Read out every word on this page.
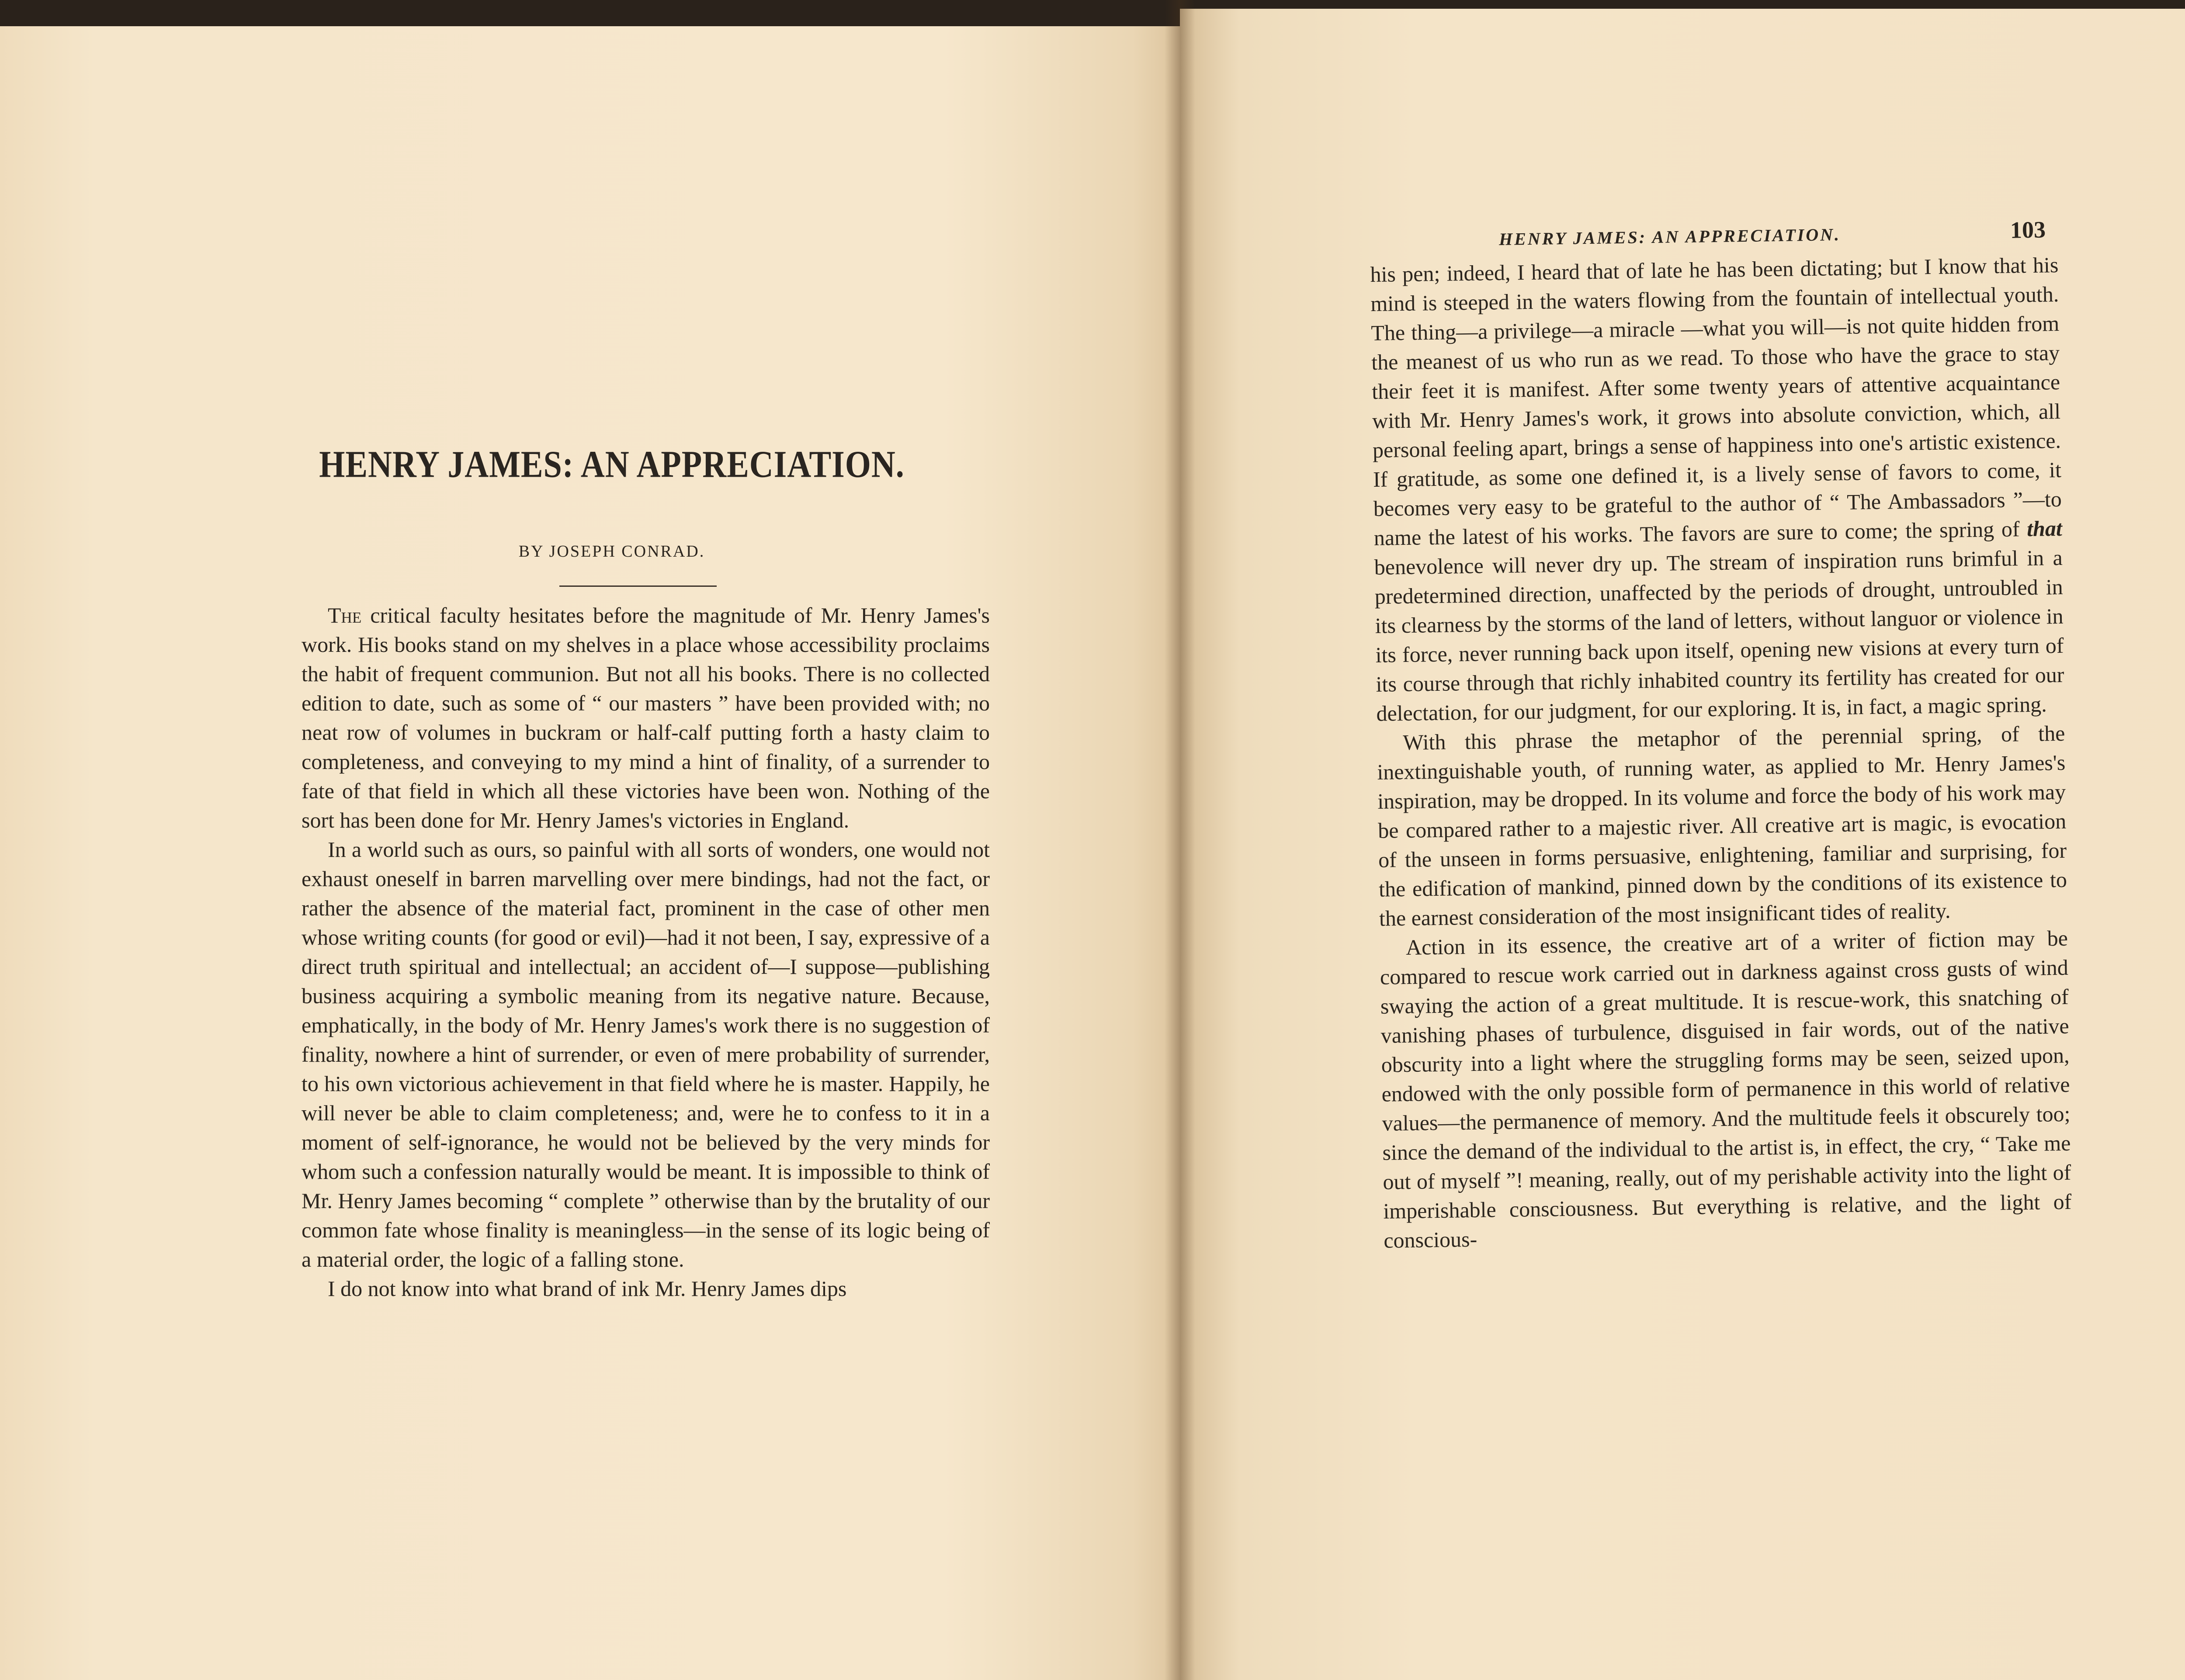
HENRY JAMES: AN APPRECIATION.
BY JOSEPH CONRAD.

The critical faculty hesitates before the magnitude of Mr. Henry James's work. His books stand on my shelves in a place whose accessibility proclaims the habit of frequent communion. But not all his books. There is no collected edition to date, such as some of “ our masters ” have been provided with; no neat row of volumes in buckram or half-calf putting forth a hasty claim to completeness, and conveying to my mind a hint of finality, of a surrender to fate of that field in which all these victories have been won. Nothing of the sort has been done for Mr. Henry James's victories in England.

In a world such as ours, so painful with all sorts of wonders, one would not exhaust oneself in barren marvelling over mere bindings, had not the fact, or rather the absence of the material fact, prominent in the case of other men whose writing counts (for good or evil)—had it not been, I say, expressive of a direct truth spiritual and intellectual; an accident of—I suppose—publishing business acquiring a symbolic meaning from its negative nature. Because, emphatically, in the body of Mr. Henry James's work there is no suggestion of finality, nowhere a hint of surrender, or even of mere probability of surrender, to his own victorious achievement in that field where he is master. Happily, he will never be able to claim completeness; and, were he to confess to it in a moment of self-ignorance, he would not be believed by the very minds for whom such a confession naturally would be meant. It is impossible to think of Mr. Henry James becoming “ complete ” otherwise than by the brutality of our common fate whose finality is meaningless—in the sense of its logic being of a material order, the logic of a falling stone.

I do not know into what brand of ink Mr. Henry James dips

HENRY JAMES: AN APPRECIATION.	103

his pen; indeed, I heard that of late he has been dictating; but I know that his mind is steeped in the waters flowing from the fountain of intellectual youth. The thing—a privilege—a miracle —what you will—is not quite hidden from the meanest of us who run as we read. To those who have the grace to stay their feet it is manifest. After some twenty years of attentive acquaintance with Mr. Henry James's work, it grows into absolute conviction, which, all personal feeling apart, brings a sense of happiness into one's artistic existence. If gratitude, as some one defined it, is a lively sense of favors to come, it becomes very easy to be grateful to the author of “ The Ambassadors ”—to name the latest of his works. The favors are sure to come; the spring of that benevolence will never dry up. The stream of inspiration runs brimful in a predetermined direction, unaffected by the periods of drought, untroubled in its clearness by the storms of the land of letters, without languor or violence in its force, never running back upon itself, opening new visions at every turn of its course through that richly inhabited country its fertility has created for our delectation, for our judgment, for our exploring. It is, in fact, a magic spring.

With this phrase the metaphor of the perennial spring, of the inextinguishable youth, of running water, as applied to Mr. Henry James's inspiration, may be dropped. In its volume and force the body of his work may be compared rather to a majestic river. All creative art is magic, is evocation of the unseen in forms persuasive, enlightening, familiar and surprising, for the edification of mankind, pinned down by the conditions of its existence to the earnest consideration of the most insignificant tides of reality.

Action in its essence, the creative art of a writer of fiction may be compared to rescue work carried out in darkness against cross gusts of wind swaying the action of a great multitude. It is rescue-work, this snatching of vanishing phases of turbulence, disguised in fair words, out of the native obscurity into a light where the struggling forms may be seen, seized upon, endowed with the only possible form of permanence in this world of relative values—the permanence of memory. And the multitude feels it obscurely too; since the demand of the individual to the artist is, in effect, the cry, “ Take me out of myself ”! meaning, really, out of my perishable activity into the light of imperishable consciousness. But everything is relative, and the light of conscious-
